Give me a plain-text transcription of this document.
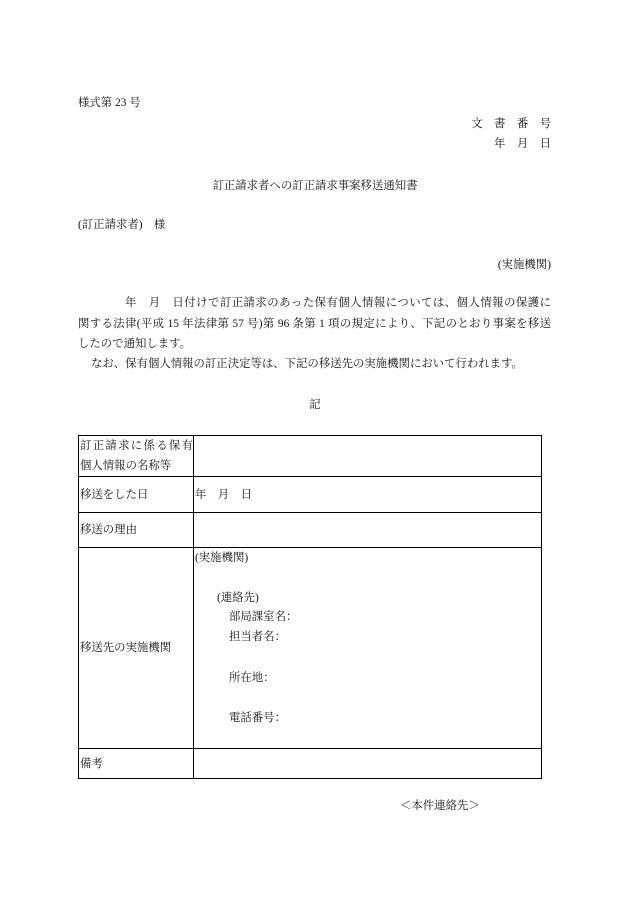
様式第 23 号
文　書　番　号
年　月　日
訂正請求者への訂正請求事案移送通知書
(訂正請求者)　様
(実施機関)
年　月　日付けで訂正請求のあった保有個人情報については、個人情報の保護に
関する法律(平成 15 年法律第 57 号)第 96 条第 1 項の規定により、下記のとおり事案を移送
したので通知します。
なお、保有個人情報の訂正決定等は、下記の移送先の実施機関において行われます。
記
訂正請求に係る保有
個人情報の名称等
移送をした日	年　月　日
移送の理由
移送先の実施機関
(実施機関)
(連絡先)
部局課室名：
担当者名：
所在地：
電話番号：
備考
＜本件連絡先＞
